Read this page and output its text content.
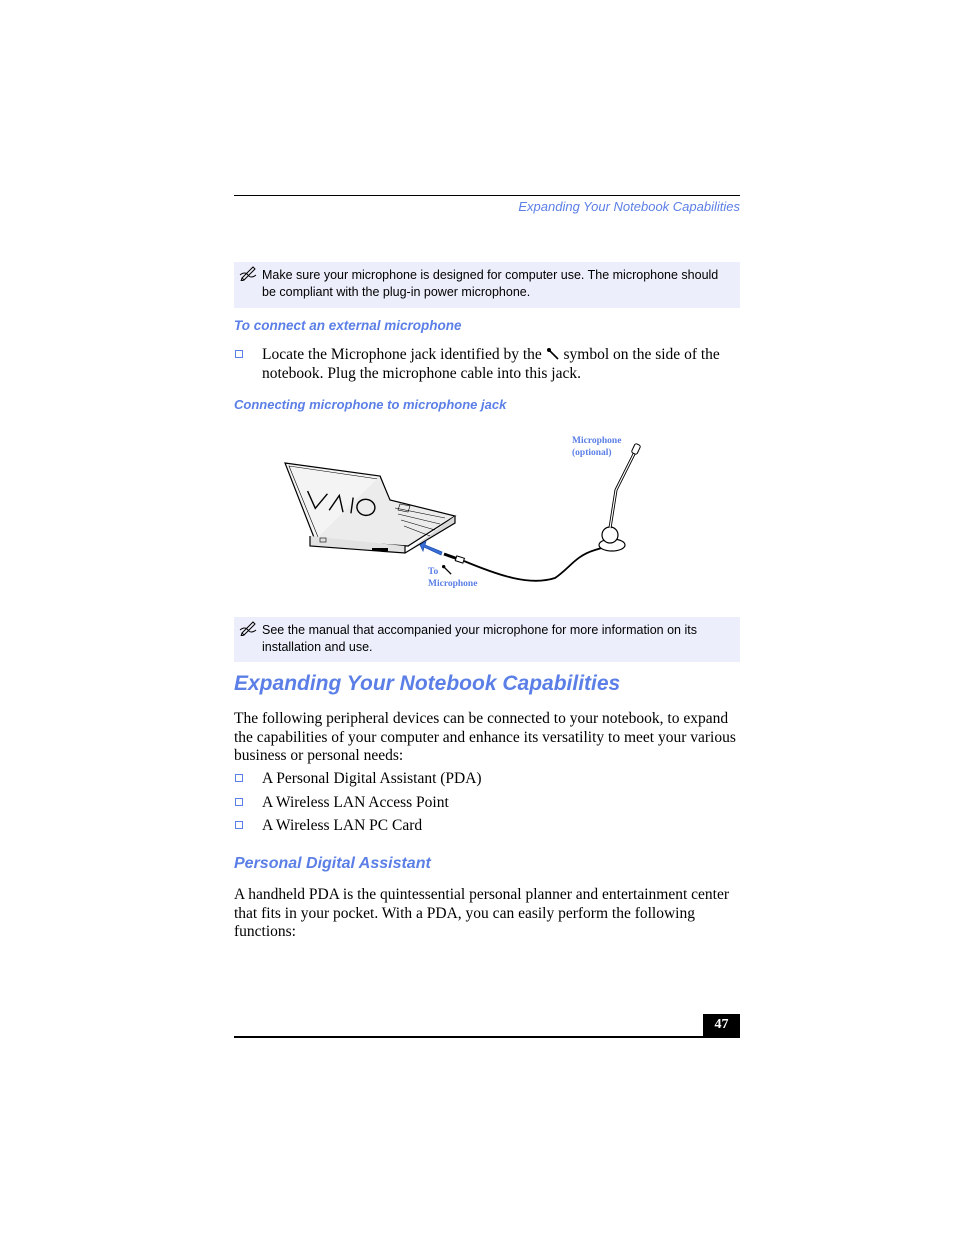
Expanding Your Notebook Capabilities
Make sure your microphone is designed for computer use. The microphone should be compliant with the plug-in power microphone.
To connect an external microphone
Locate the Microphone jack identified by the symbol on the side of the notebook. Plug the microphone cable into this jack.
Connecting microphone to microphone jack
Microphone
(optional)
To
Microphone
See the manual that accompanied your microphone for more information on its installation and use.
Expanding Your Notebook Capabilities
The following peripheral devices can be connected to your notebook, to expand the capabilities of your computer and enhance its versatility to meet your various business or personal needs:
A Personal Digital Assistant (PDA)
A Wireless LAN Access Point
A Wireless LAN PC Card
Personal Digital Assistant
A handheld PDA is the quintessential personal planner and entertainment center that fits in your pocket. With a PDA, you can easily perform the following functions:
47
